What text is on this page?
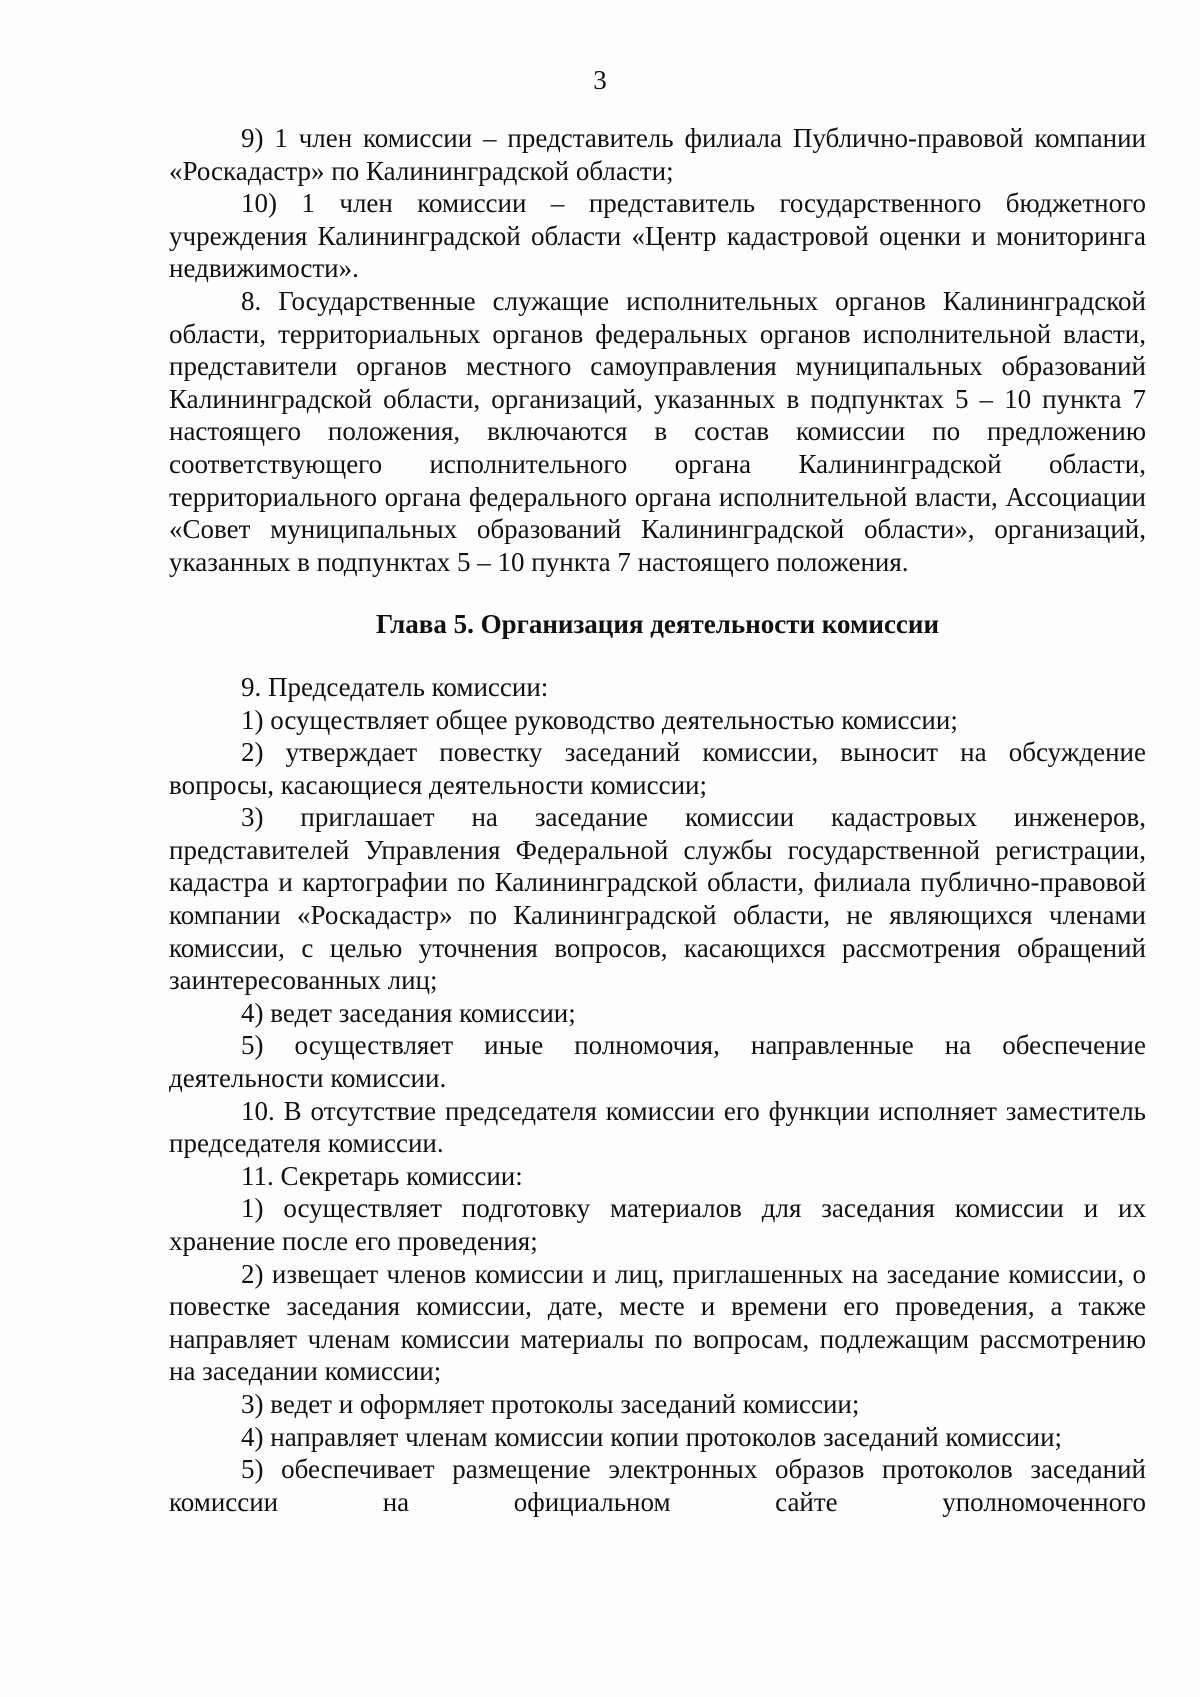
3

9) 1 член комиссии – представитель филиала Публично-правовой компании «Роскадастр» по Калининградской области;

10) 1 член комиссии – представитель государственного бюджетного учреждения Калининградской области «Центр кадастровой оценки и мониторинга недвижимости».

8. Государственные служащие исполнительных органов Калининградской области, территориальных органов федеральных органов исполнительной власти, представители органов местного самоуправления муниципальных образований Калининградской области, организаций, указанных в подпунктах 5 – 10 пункта 7 настоящего положения, включаются в состав комиссии по предложению соответствующего исполнительного органа Калининградской области, территориального органа федерального органа исполнительной власти, Ассоциации «Совет муниципальных образований Калининградской области», организаций, указанных в подпунктах 5 – 10 пункта 7 настоящего положения.

Глава 5. Организация деятельности комиссии

9. Председатель комиссии:

1) осуществляет общее руководство деятельностью комиссии;

2) утверждает повестку заседаний комиссии, выносит на обсуждение вопросы, касающиеся деятельности комиссии;

3) приглашает на заседание комиссии кадастровых инженеров, представителей Управления Федеральной службы государственной регистрации, кадастра и картографии по Калининградской области, филиала публично-правовой компании «Роскадастр» по Калининградской области, не являющихся членами комиссии, с целью уточнения вопросов, касающихся рассмотрения обращений заинтересованных лиц;

4) ведет заседания комиссии;

5) осуществляет иные полномочия, направленные на обеспечение деятельности комиссии.

10. В отсутствие председателя комиссии его функции исполняет заместитель председателя комиссии.

11. Секретарь комиссии:

1) осуществляет подготовку материалов для заседания комиссии и их хранение после его проведения;

2) извещает членов комиссии и лиц, приглашенных на заседание комиссии, о повестке заседания комиссии, дате, месте и времени его проведения, а также направляет членам комиссии материалы по вопросам, подлежащим рассмотрению на заседании комиссии;

3) ведет и оформляет протоколы заседаний комиссии;

4) направляет членам комиссии копии протоколов заседаний комиссии;

5) обеспечивает размещение электронных образов протоколов заседаний комиссии на официальном сайте уполномоченного
